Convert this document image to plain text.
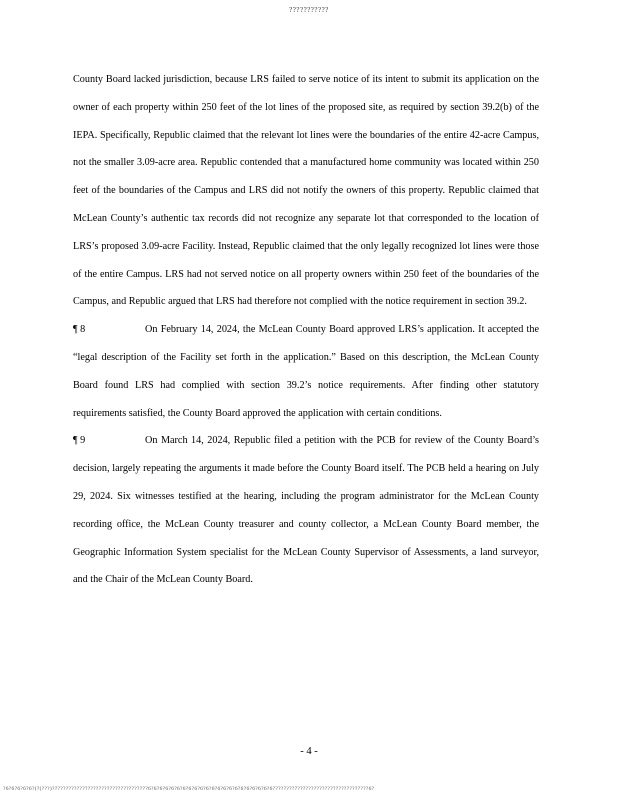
???????????

County Board lacked jurisdiction, because LRS failed to serve notice of its intent to submit its application on the owner of each property within 250 feet of the lot lines of the proposed site, as required by section 39.2(b) of the IEPA. Specifically, Republic claimed that the relevant lot lines were the boundaries of the entire 42-acre Campus, not the smaller 3.09-acre area. Republic contended that a manufactured home community was located within 250 feet of the boundaries of the Campus and LRS did not notify the owners of this property. Republic claimed that McLean County’s authentic tax records did not recognize any separate lot that corresponded to the location of LRS’s proposed 3.09-acre Facility. Instead, Republic claimed that the only legally recognized lot lines were those of the entire Campus. LRS had not served notice on all property owners within 250 feet of the boundaries of the Campus, and Republic argued that LRS had therefore not complied with the notice requirement in section 39.2.

¶ 8	On February 14, 2024, the McLean County Board approved LRS’s application. It accepted the “legal description of the Facility set forth in the application.” Based on this description, the McLean County Board found LRS had complied with section 39.2’s notice requirements. After finding other statutory requirements satisfied, the County Board approved the application with certain conditions.

¶ 9	On March 14, 2024, Republic filed a petition with the PCB for review of the County Board’s decision, largely repeating the arguments it made before the County Board itself. The PCB held a hearing on July 29, 2024. Six witnesses testified at the hearing, including the program administrator for the McLean County recording office, the McLean County treasurer and county collector, a McLean County Board member, the Geographic Information System specialist for the McLean County Supervisor of Assessments, a land surveyor, and the Chair of the McLean County Board.

- 4 -
?6?6?6?6?6?(?(???)???????????????????????????????????6?6?6?6?6?6?6?6?6?6?6?6?6?6?6?6?6?6?6?6?6?6???????????????????????????????????6?
